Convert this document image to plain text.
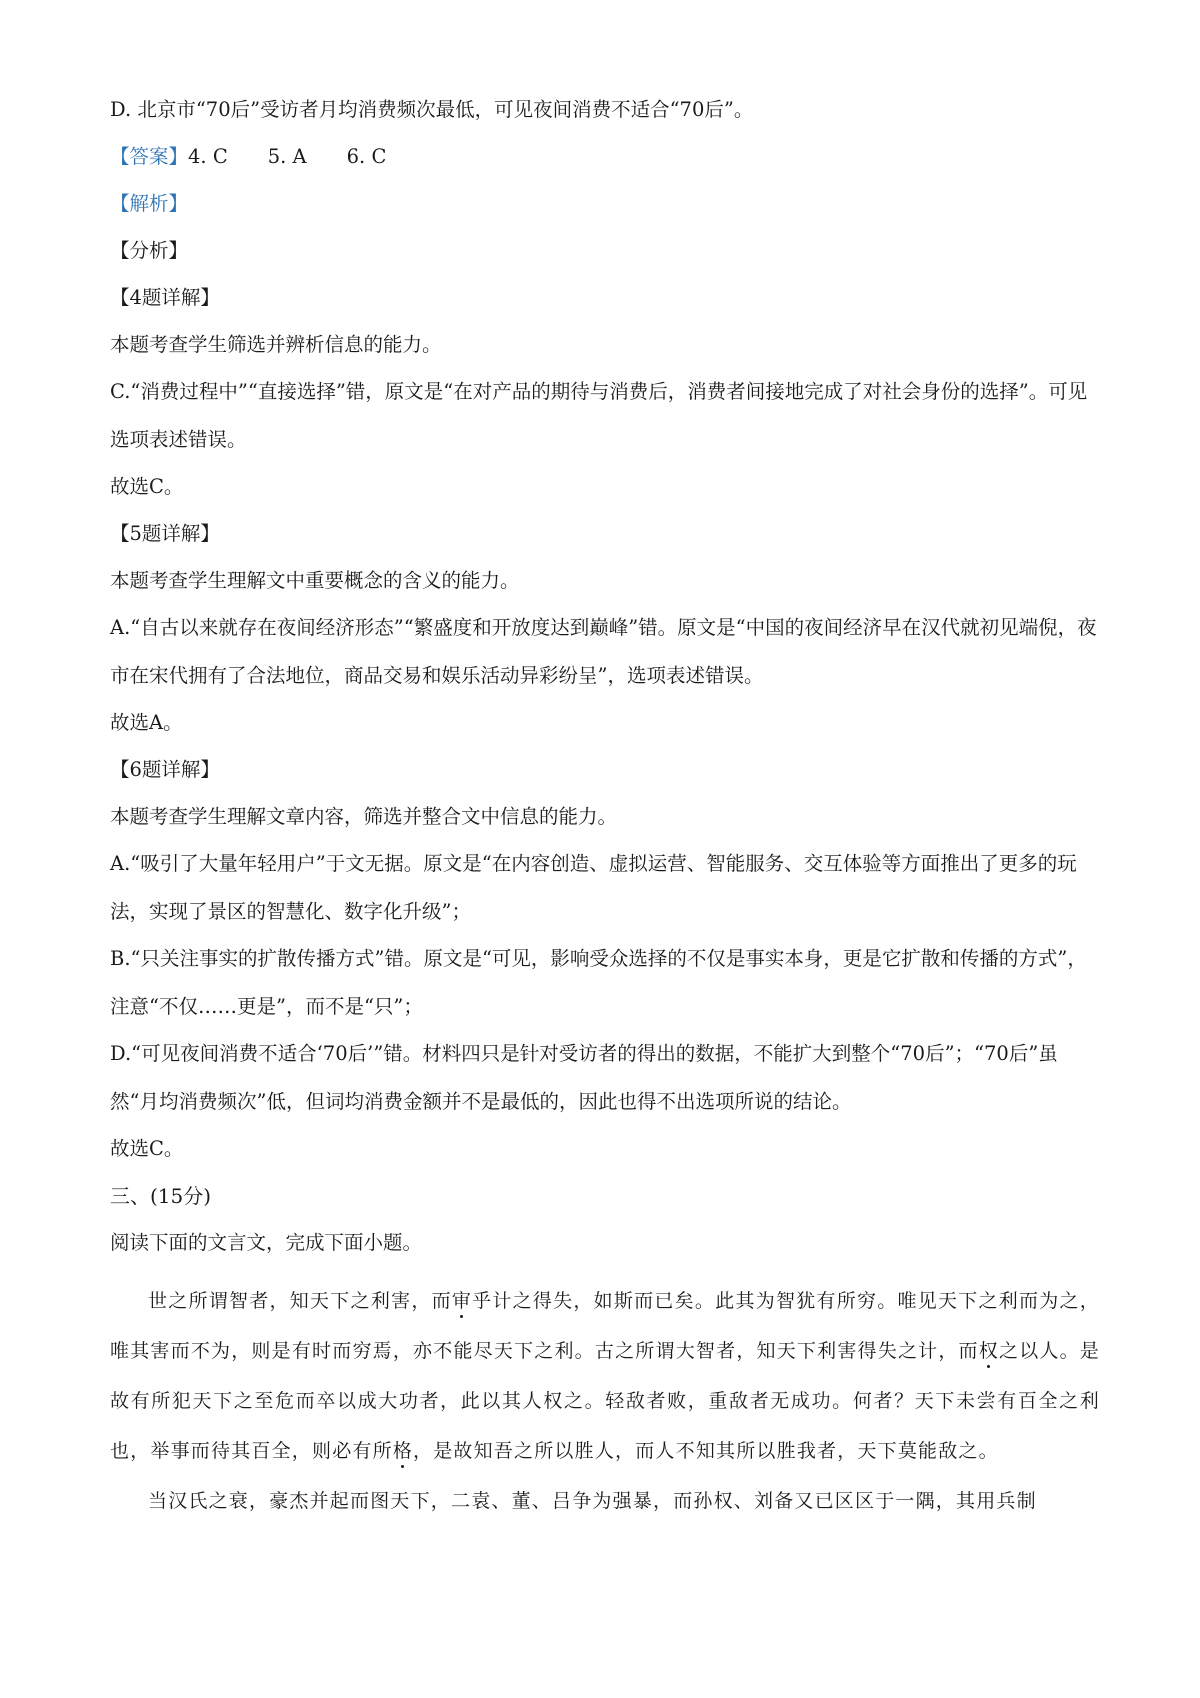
D. 北京市“70后”受访者月均消费频次最低，可见夜间消费不适合“70后”。
【答案】4. C 5. A 6. C
【解析】
【分析】
【4题详解】
本题考查学生筛选并辨析信息的能力。
C.“消费过程中”“直接选择”错，原文是“在对产品的期待与消费后，消费者间接地完成了对社会身份的选择”。可见选项表述错误。
故选C。
【5题详解】
本题考查学生理解文中重要概念的含义的能力。
A.“自古以来就存在夜间经济形态”“繁盛度和开放度达到巅峰”错。原文是“中国的夜间经济早在汉代就初见端倪，夜市在宋代拥有了合法地位，商品交易和娱乐活动异彩纷呈”，选项表述错误。
故选A。
【6题详解】
本题考查学生理解文章内容，筛选并整合文中信息的能力。
A.“吸引了大量年轻用户”于文无据。原文是“在内容创造、虚拟运营、智能服务、交互体验等方面推出了更多的玩法，实现了景区的智慧化、数字化升级”；
B.“只关注事实的扩散传播方式”错。原文是“可见，影响受众选择的不仅是事实本身，更是它扩散和传播的方式”，注意“不仅……更是”，而不是“只”；
D.“可见夜间消费不适合‘70后’”错。材料四只是针对受访者的得出的数据，不能扩大到整个“70后”；“70后”虽然“月均消费频次”低，但词均消费金额并不是最低的，因此也得不出选项所说的结论。
故选C。
三、(15分)
阅读下面的文言文，完成下面小题。

世之所谓智者，知天下之利害，而审乎计之得失，如斯而已矣。此其为智犹有所穷。唯见天下之利而为之，唯其害而不为，则是有时而穷焉，亦不能尽天下之利。古之所谓大智者，知天下利害得失之计，而权之以人。是故有所犯天下之至危而卒以成大功者，此以其人权之。轻敌者败，重敌者无成功。何者？天下未尝有百全之利也，举事而待其百全，则必有所格，是故知吾之所以胜人，而人不知其所以胜我者，天下莫能敌之。

当汉氏之衰，豪杰并起而图天下，二袁、董、吕争为强暴，而孙权、刘备又已区区于一隅，其用兵制
